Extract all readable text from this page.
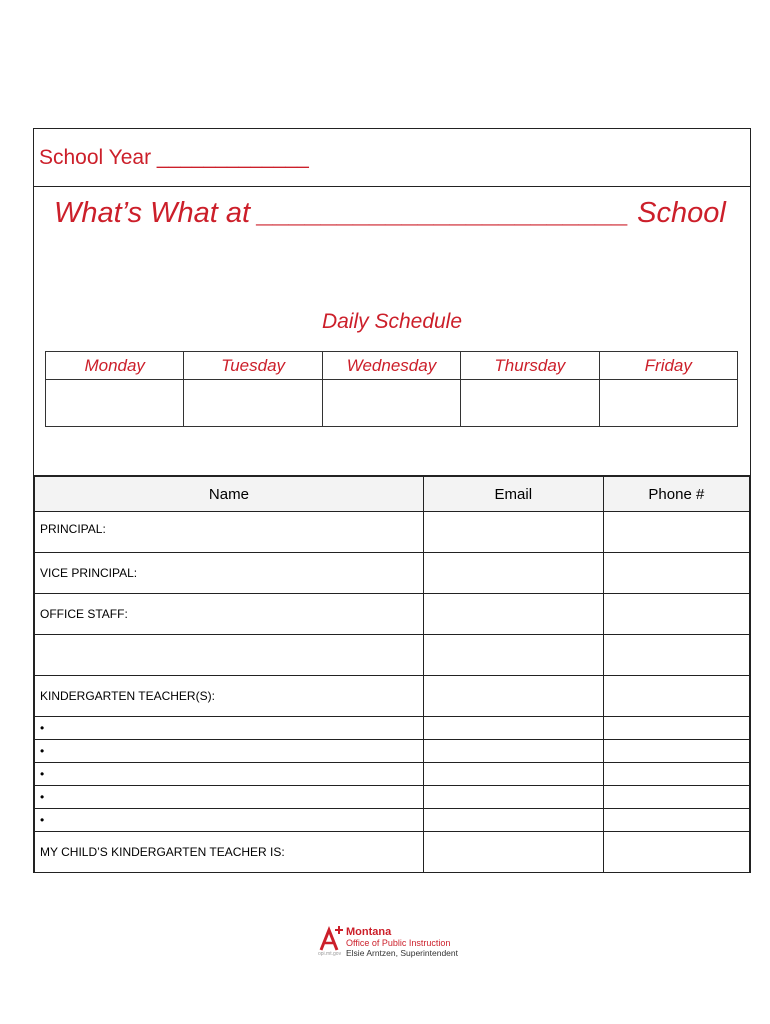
School Year _____________
What’s What at _______________________ School
Daily Schedule
Monday	Tuesday	Wednesday	Thursday	Friday

Name	Email	Phone #
PRINCIPAL:		
VICE PRINCIPAL:		
OFFICE STAFF:		

KINDERGARTEN TEACHER(S):		
•		
•		
•		
•		
•		
MY CHILD’S KINDERGARTEN TEACHER IS:		
opi.mt.gov
Montana
Office of Public Instruction
Elsie Arntzen, Superintendent
